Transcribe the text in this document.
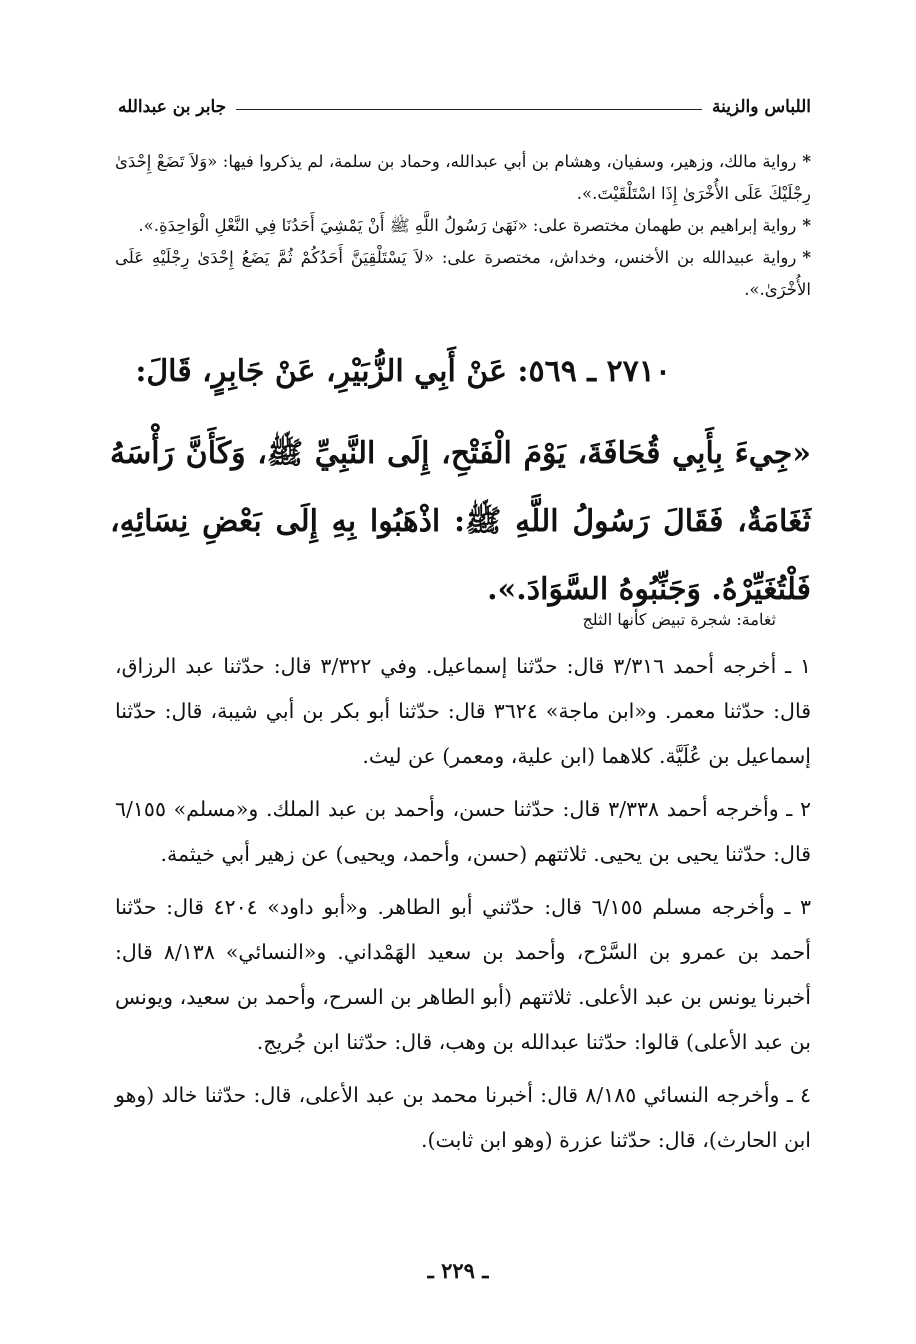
اللباس والزينة
جابر بن عبدالله

*رواية مالك، وزهير، وسفيان، وهشام بن أبي عبدالله، وحماد بن سلمة، لم يذكروا فيها: «وَلاَ تَضَعْ إِحْدَىٰ رِجْلَيْكَ عَلَى الأُخْرَىٰ إِذَا اسْتَلْقَيْتَ.».

*رواية إبراهيم بن طهمان مختصرة على: «نَهَىٰ رَسُولُ اللَّهِ ﷺ أَنْ يَمْشِيَ أَحَدُنَا فِي النَّعْلِ الْوَاحِدَةِ.».

*رواية عبيدالله بن الأخنس، وخداش، مختصرة على: «لاَ يَسْتَلْقِيَنَّ أَحَدُكُمْ ثُمَّ يَضَعُ إِحْدَىٰ رِجْلَيْهِ عَلَى الأُخْرَىٰ.».

٢٧١٠ ـ ٥٦٩: عَنْ أَبِي الزُّبَيْرِ، عَنْ جَابِرٍ، قَالَ:
«جِيءَ بِأَبِي قُحَافَةَ، يَوْمَ الْفَتْحِ، إِلَى النَّبِيِّ ﷺ، وَكَأَنَّ رَأْسَهُ ثَغَامَةٌ، فَقَالَ رَسُولُ اللَّهِ ﷺ: اذْهَبُوا بِهِ إِلَى بَعْضِ نِسَائِهِ، فَلْتُغَيِّرْهُ. وَجَنِّبُوهُ السَّوَادَ.».
ثغامة: شجرة تبيض كأنها الثلج

١ ـ أخرجه أحمد ٣/٣١٦ قال: حدّثنا إسماعيل. وفي ٣/٣٢٢ قال: حدّثنا عبد الرزاق، قال: حدّثنا معمر. و«ابن ماجة» ٣٦٢٤ قال: حدّثنا أبو بكر بن أبي شيبة، قال: حدّثنا إسماعيل بن عُلَيَّة. كلاهما (ابن علية، ومعمر) عن ليث.

٢ ـ وأخرجه أحمد ٣/٣٣٨ قال: حدّثنا حسن، وأحمد بن عبد الملك. و«مسلم» ٦/١٥٥ قال: حدّثنا يحيى بن يحيى. ثلاثتهم (حسن، وأحمد، ويحيى) عن زهير أبي خيثمة.

٣ ـ وأخرجه مسلم ٦/١٥٥ قال: حدّثني أبو الطاهر. و«أبو داود» ٤٢٠٤ قال: حدّثنا أحمد بن عمرو بن السَّرْح، وأحمد بن سعيد الهَمْداني. و«النسائي» ٨/١٣٨ قال: أخبرنا يونس بن عبد الأعلى. ثلاثتهم (أبو الطاهر بن السرح، وأحمد بن سعيد، ويونس بن عبد الأعلى) قالوا: حدّثنا عبدالله بن وهب، قال: حدّثنا ابن جُريج.

٤ ـ وأخرجه النسائي ٨/١٨٥ قال: أخبرنا محمد بن عبد الأعلى، قال: حدّثنا خالد (وهو ابن الحارث)، قال: حدّثنا عزرة (وهو ابن ثابت).

ـ ٢٢٩ ـ
